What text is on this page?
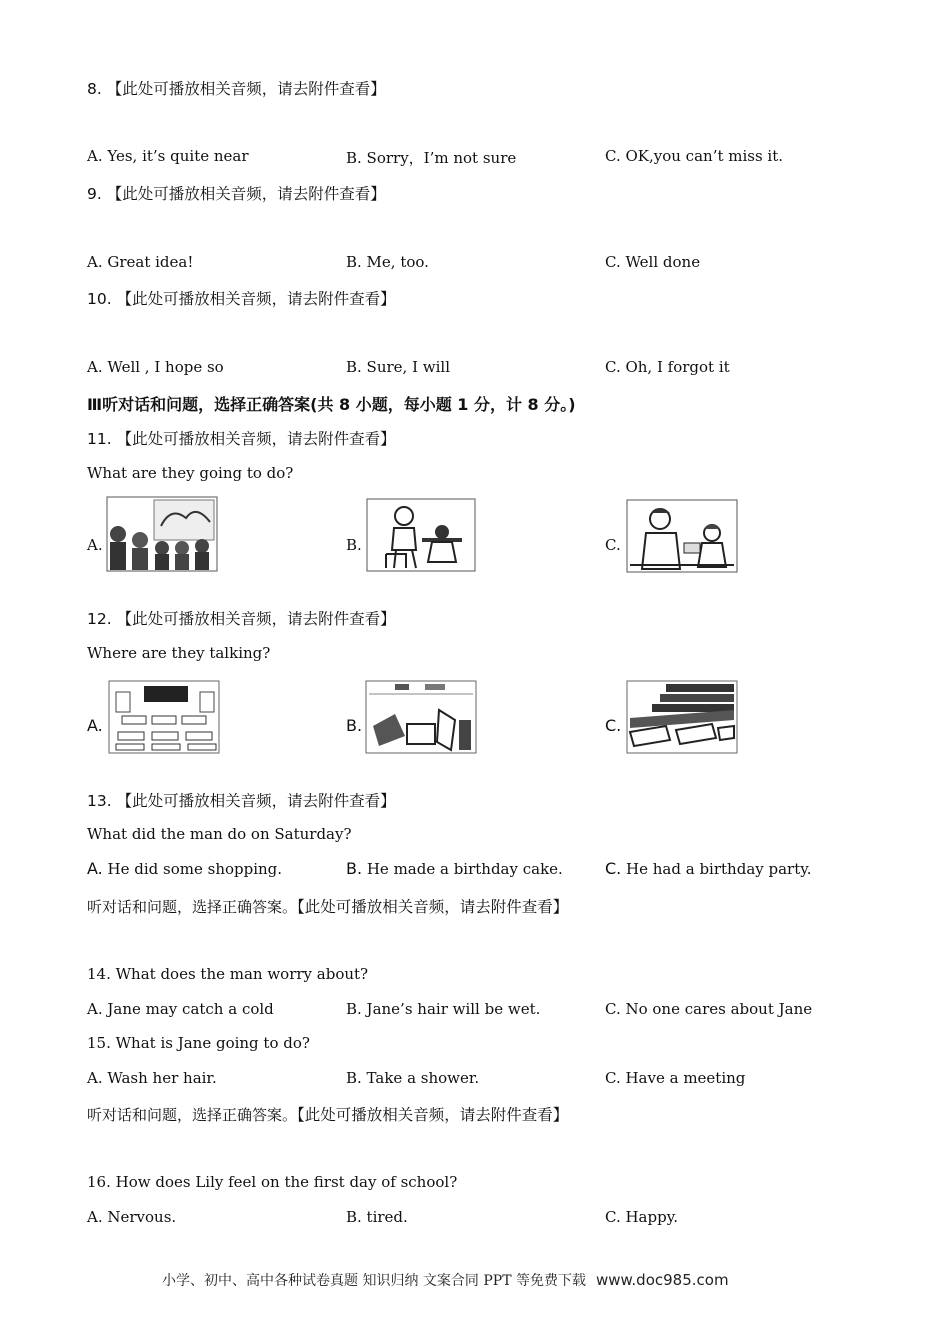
8. 【此处可播放相关音频，请去附件查看】
A. Yes, it’s quite near	B. Sorry，I’m not sure	C. OK,you can’t miss it.
9. 【此处可播放相关音频，请去附件查看】
A. Great idea!	B. Me, too.	C. Well done
10. 【此处可播放相关音频，请去附件查看】
A. Well , I hope so	B. Sure, I will	C. Oh, I forgot it
Ⅲ听对话和问题，选择正确答案(共 8 小题，每小题 1 分，计 8 分。)
11. 【此处可播放相关音频，请去附件查看】
What are they going to do?
A.	B.	C.
12. 【此处可播放相关音频，请去附件查看】
Where are they talking?
A.	B.	C.
13. 【此处可播放相关音频，请去附件查看】
What did the man do on Saturday?
A. He did some shopping.	B. He made a birthday cake.	C. He had a birthday party.
听对话和问题，选择正确答案。【此处可播放相关音频，请去附件查看】
14. What does the man worry about?
A. Jane may catch a cold	B. Jane’s hair will be wet.	C. No one cares about Jane
15. What is Jane going to do?
A. Wash her hair.	B. Take a shower.	C. Have a meeting
听对话和问题，选择正确答案。【此处可播放相关音频，请去附件查看】
16. How does Lily feel on the first day of school?
A. Nervous.	B. tired.	C. Happy.
小学、初中、高中各种试卷真题 知识归纳 文案合同 PPT 等免费下载 www.doc985.com
